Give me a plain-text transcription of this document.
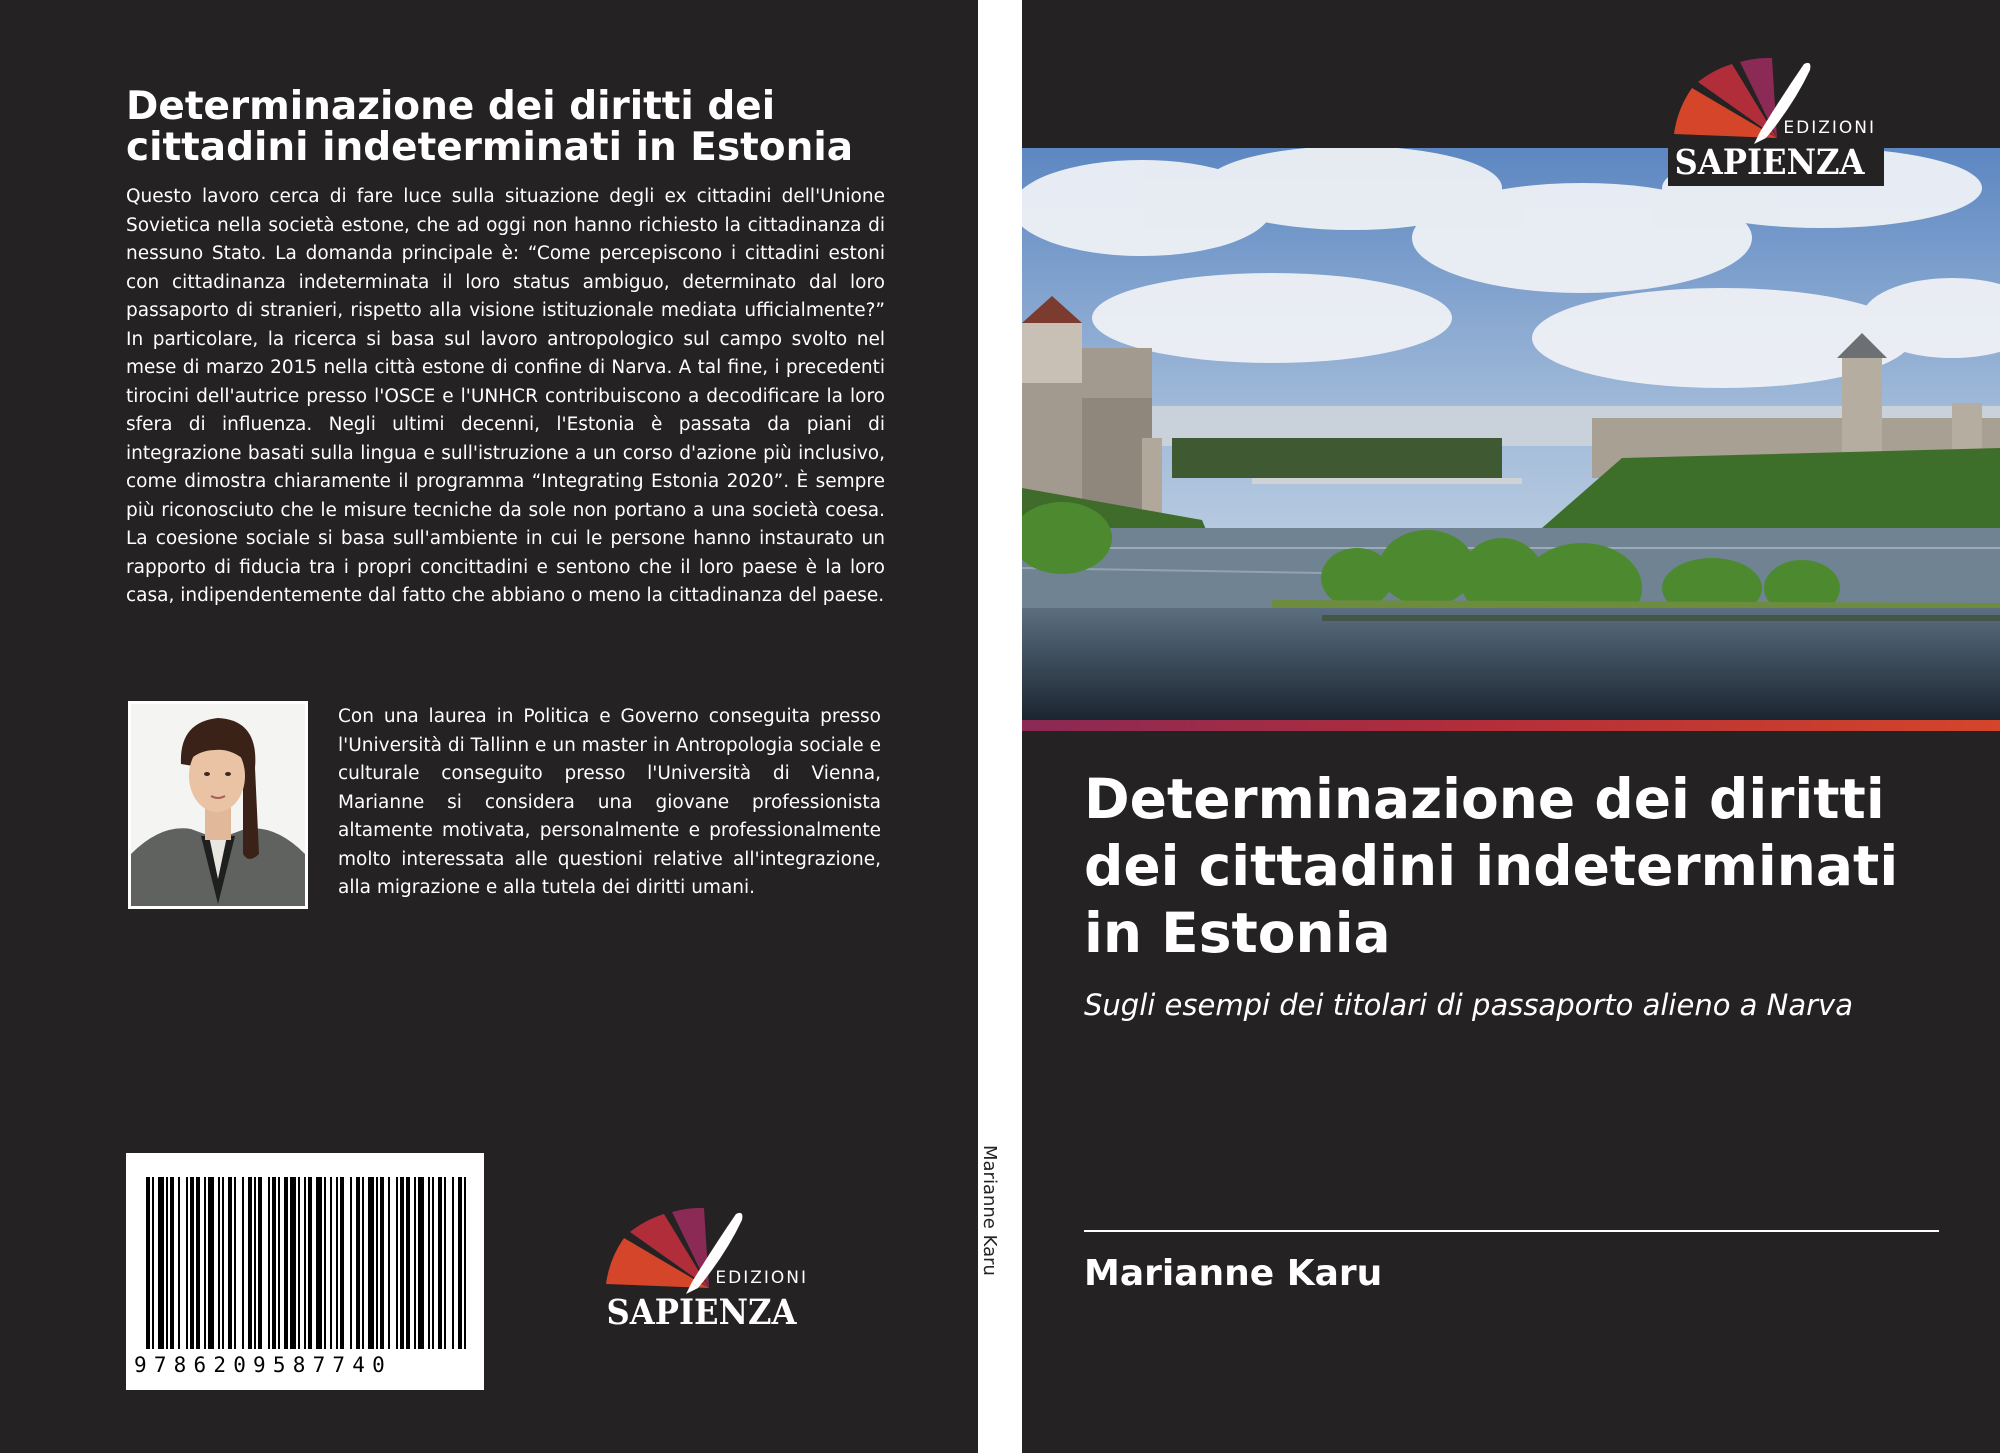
Determinazione dei diritti dei cittadini indeterminati in Estonia

Questo lavoro cerca di fare luce sulla situazione degli ex cittadini dell'Unione Sovietica nella società estone, che ad oggi non hanno richiesto la cittadinanza di nessuno Stato. La domanda principale è: “Come percepiscono i cittadini estoni con cittadinanza indeterminata il loro status ambiguo, determinato dal loro passaporto di stranieri, rispetto alla visione istituzionale mediata ufficialmente?” In particolare, la ricerca si basa sul lavoro antropologico sul campo svolto nel mese di marzo 2015 nella città estone di confine di Narva. A tal fine, i precedenti tirocini dell'autrice presso l'OSCE e l'UNHCR contribuiscono a decodificare la loro sfera di influenza. Negli ultimi decenni, l'Estonia è passata da piani di integrazione basati sulla lingua e sull'istruzione a un corso d'azione più inclusivo, come dimostra chiaramente il programma “Integrating Estonia 2020”. È sempre più riconosciuto che le misure tecniche da sole non portano a una società coesa. La coesione sociale si basa sull'ambiente in cui le persone hanno instaurato un rapporto di fiducia tra i propri concittadini e sentono che il loro paese è la loro casa, indipendentemente dal fatto che abbiano o meno la cittadinanza del paese.

Con una laurea in Politica e Governo conseguita presso l'Università di Tallinn e un master in Antropologia sociale e culturale conseguito presso l'Università di Vienna, Marianne si considera una giovane professionista altamente motivata, personalmente e professionalmente molto interessata alle questioni relative all'integrazione, alla migrazione e alla tutela dei diritti umani.

9786209587740
EDIZIONI
SAPIENZA
Marianne Karu
EDIZIONI
SAPIENZA
Determinazione dei diritti dei cittadini indeterminati in Estonia

Sugli esempi dei titolari di passaporto alieno a Narva

Marianne Karu
